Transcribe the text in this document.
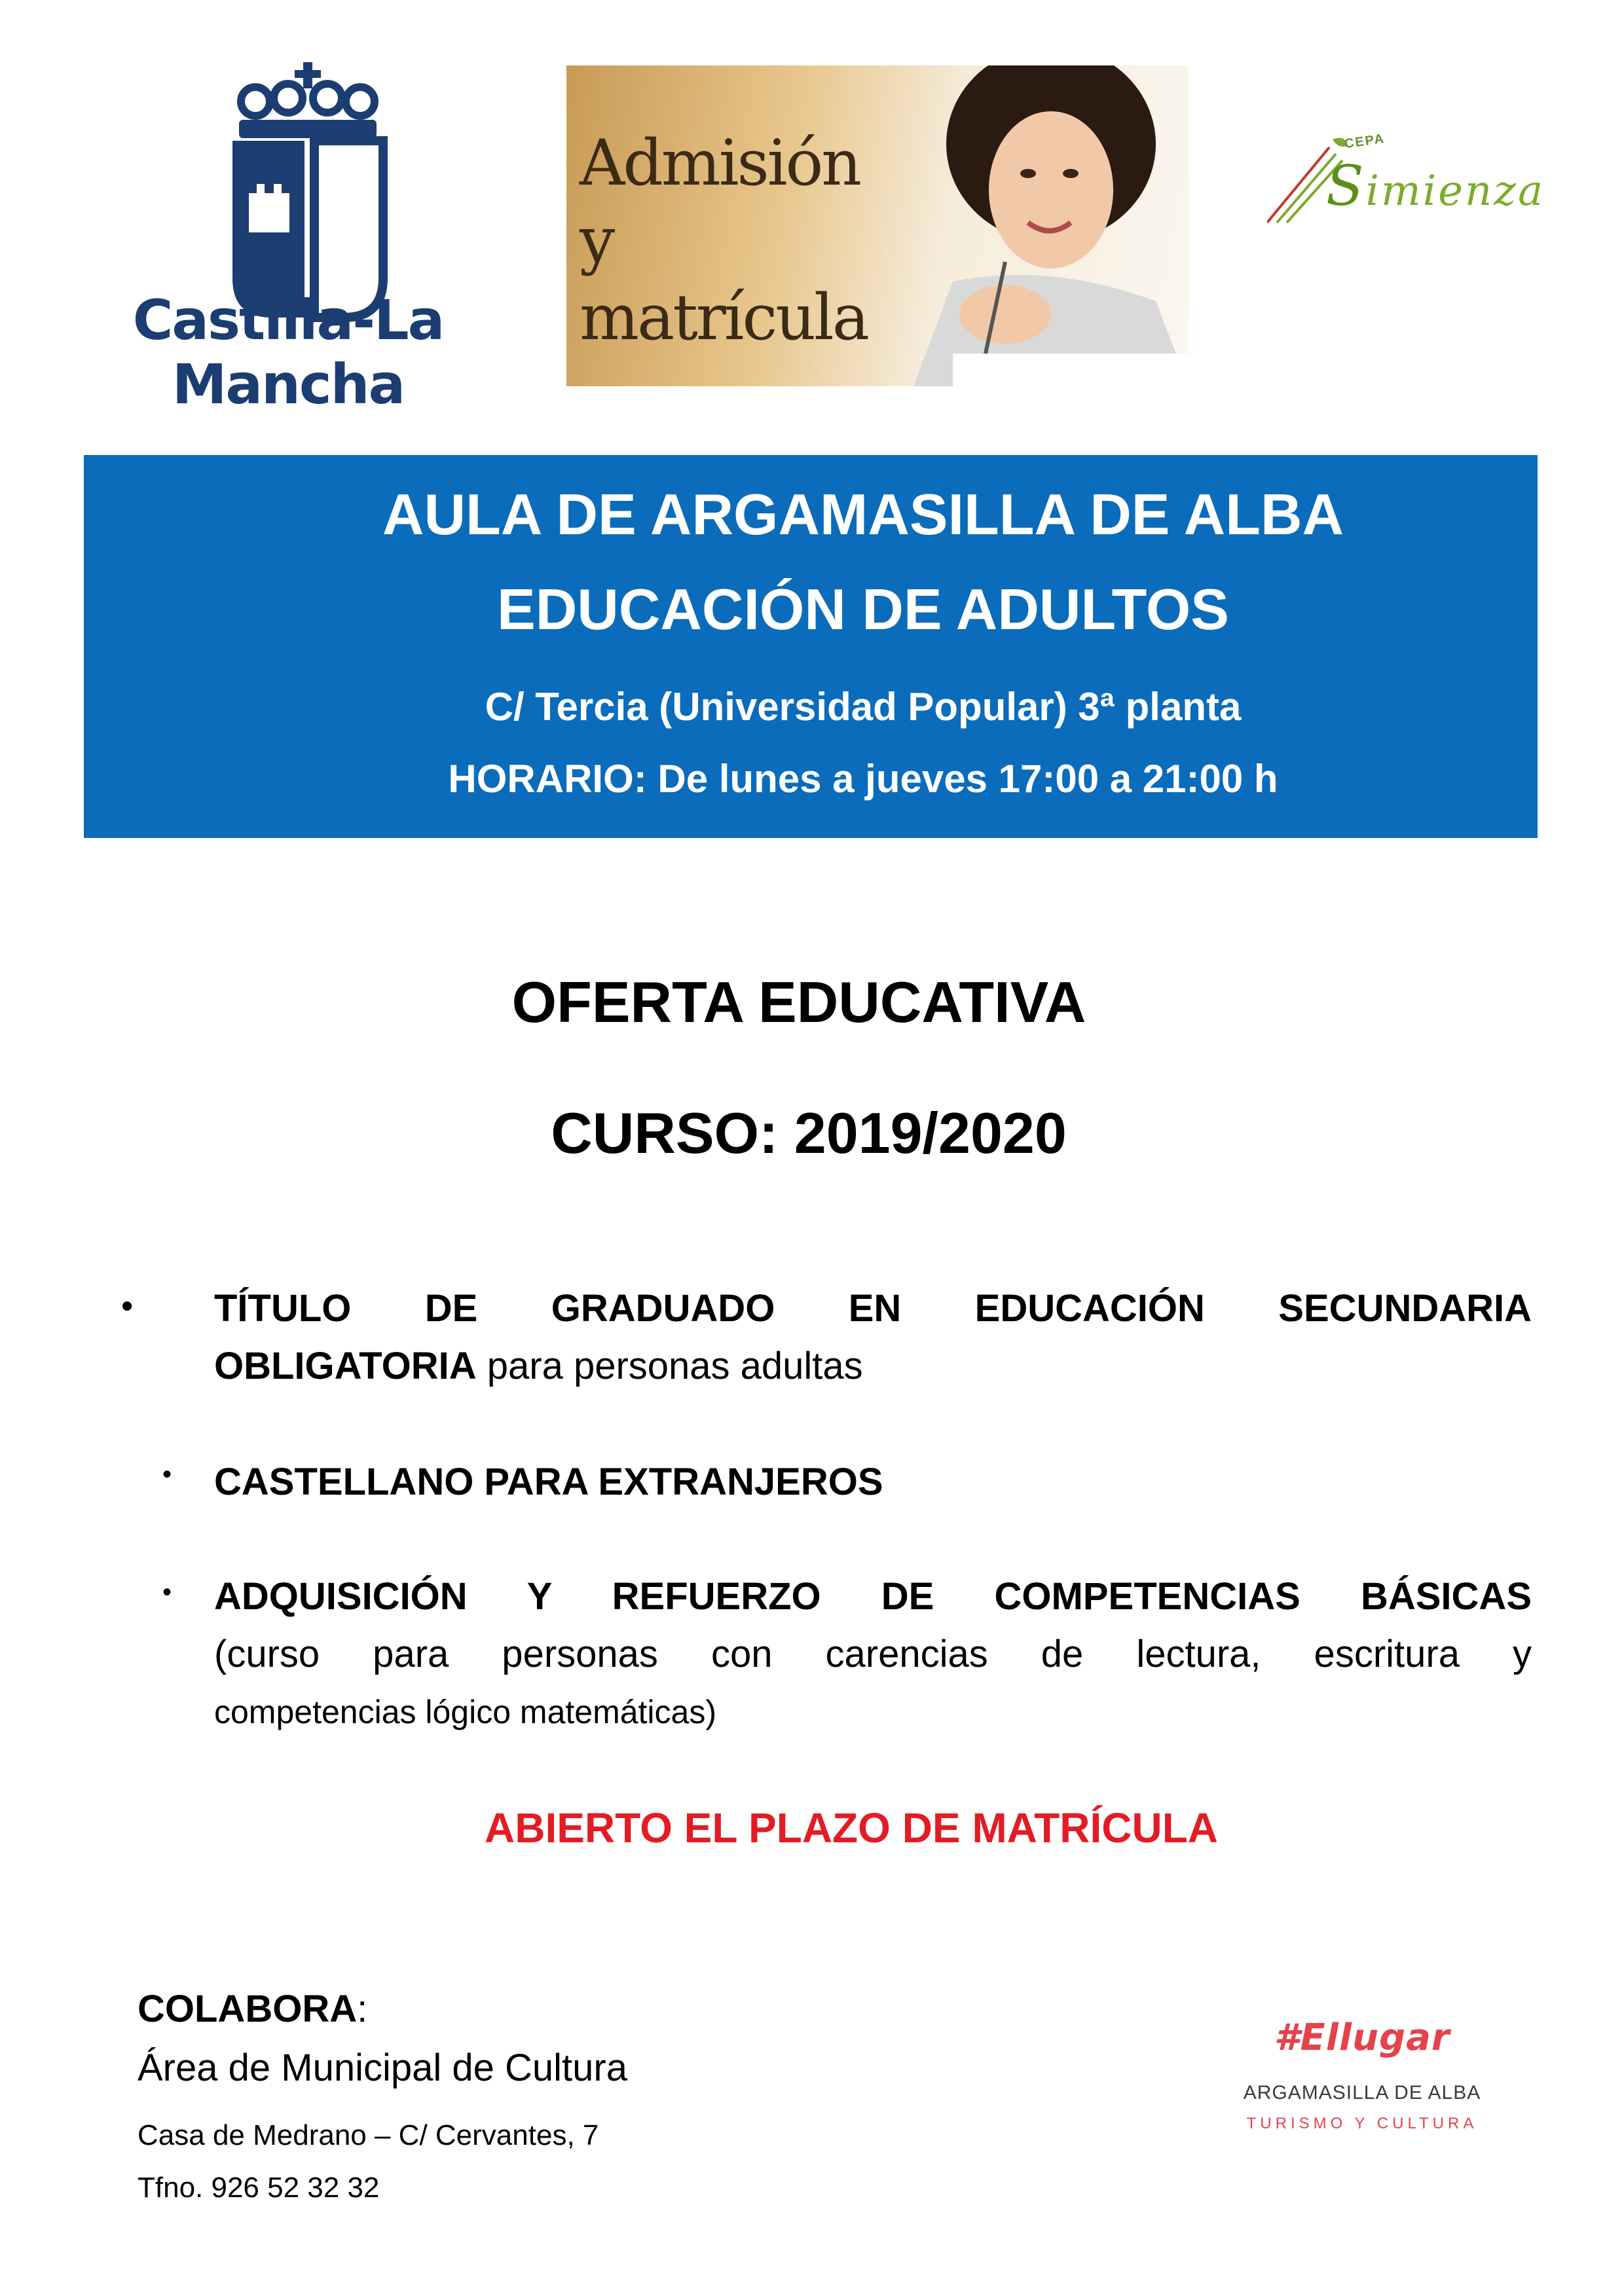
Castilla-La Mancha
Admisión
y matrícula
CEPA
Simienza
AULA DE ARGAMASILLA DE ALBA
EDUCACIÓN DE ADULTOS
C/ Tercia (Universidad Popular) 3ª planta
HORARIO: De lunes a jueves 17:00 a 21:00 h
OFERTA EDUCATIVA
CURSO: 2019/2020
• TÍTULO DE GRADUADO EN EDUCACIÓN SECUNDARIA
OBLIGATORIA para personas adultas
• CASTELLANO PARA EXTRANJEROS
• ADQUISICIÓN Y REFUERZO DE COMPETENCIAS BÁSICAS
(curso para personas con carencias de lectura, escritura y
competencias lógico matemáticas)
ABIERTO EL PLAZO DE MATRÍCULA
COLABORA:
Área de Municipal de Cultura
Casa de Medrano – C/ Cervantes, 7
Tfno. 926 52 32 32
#Ellugar
ARGAMASILLA DE ALBA
TURISMO Y CULTURA
